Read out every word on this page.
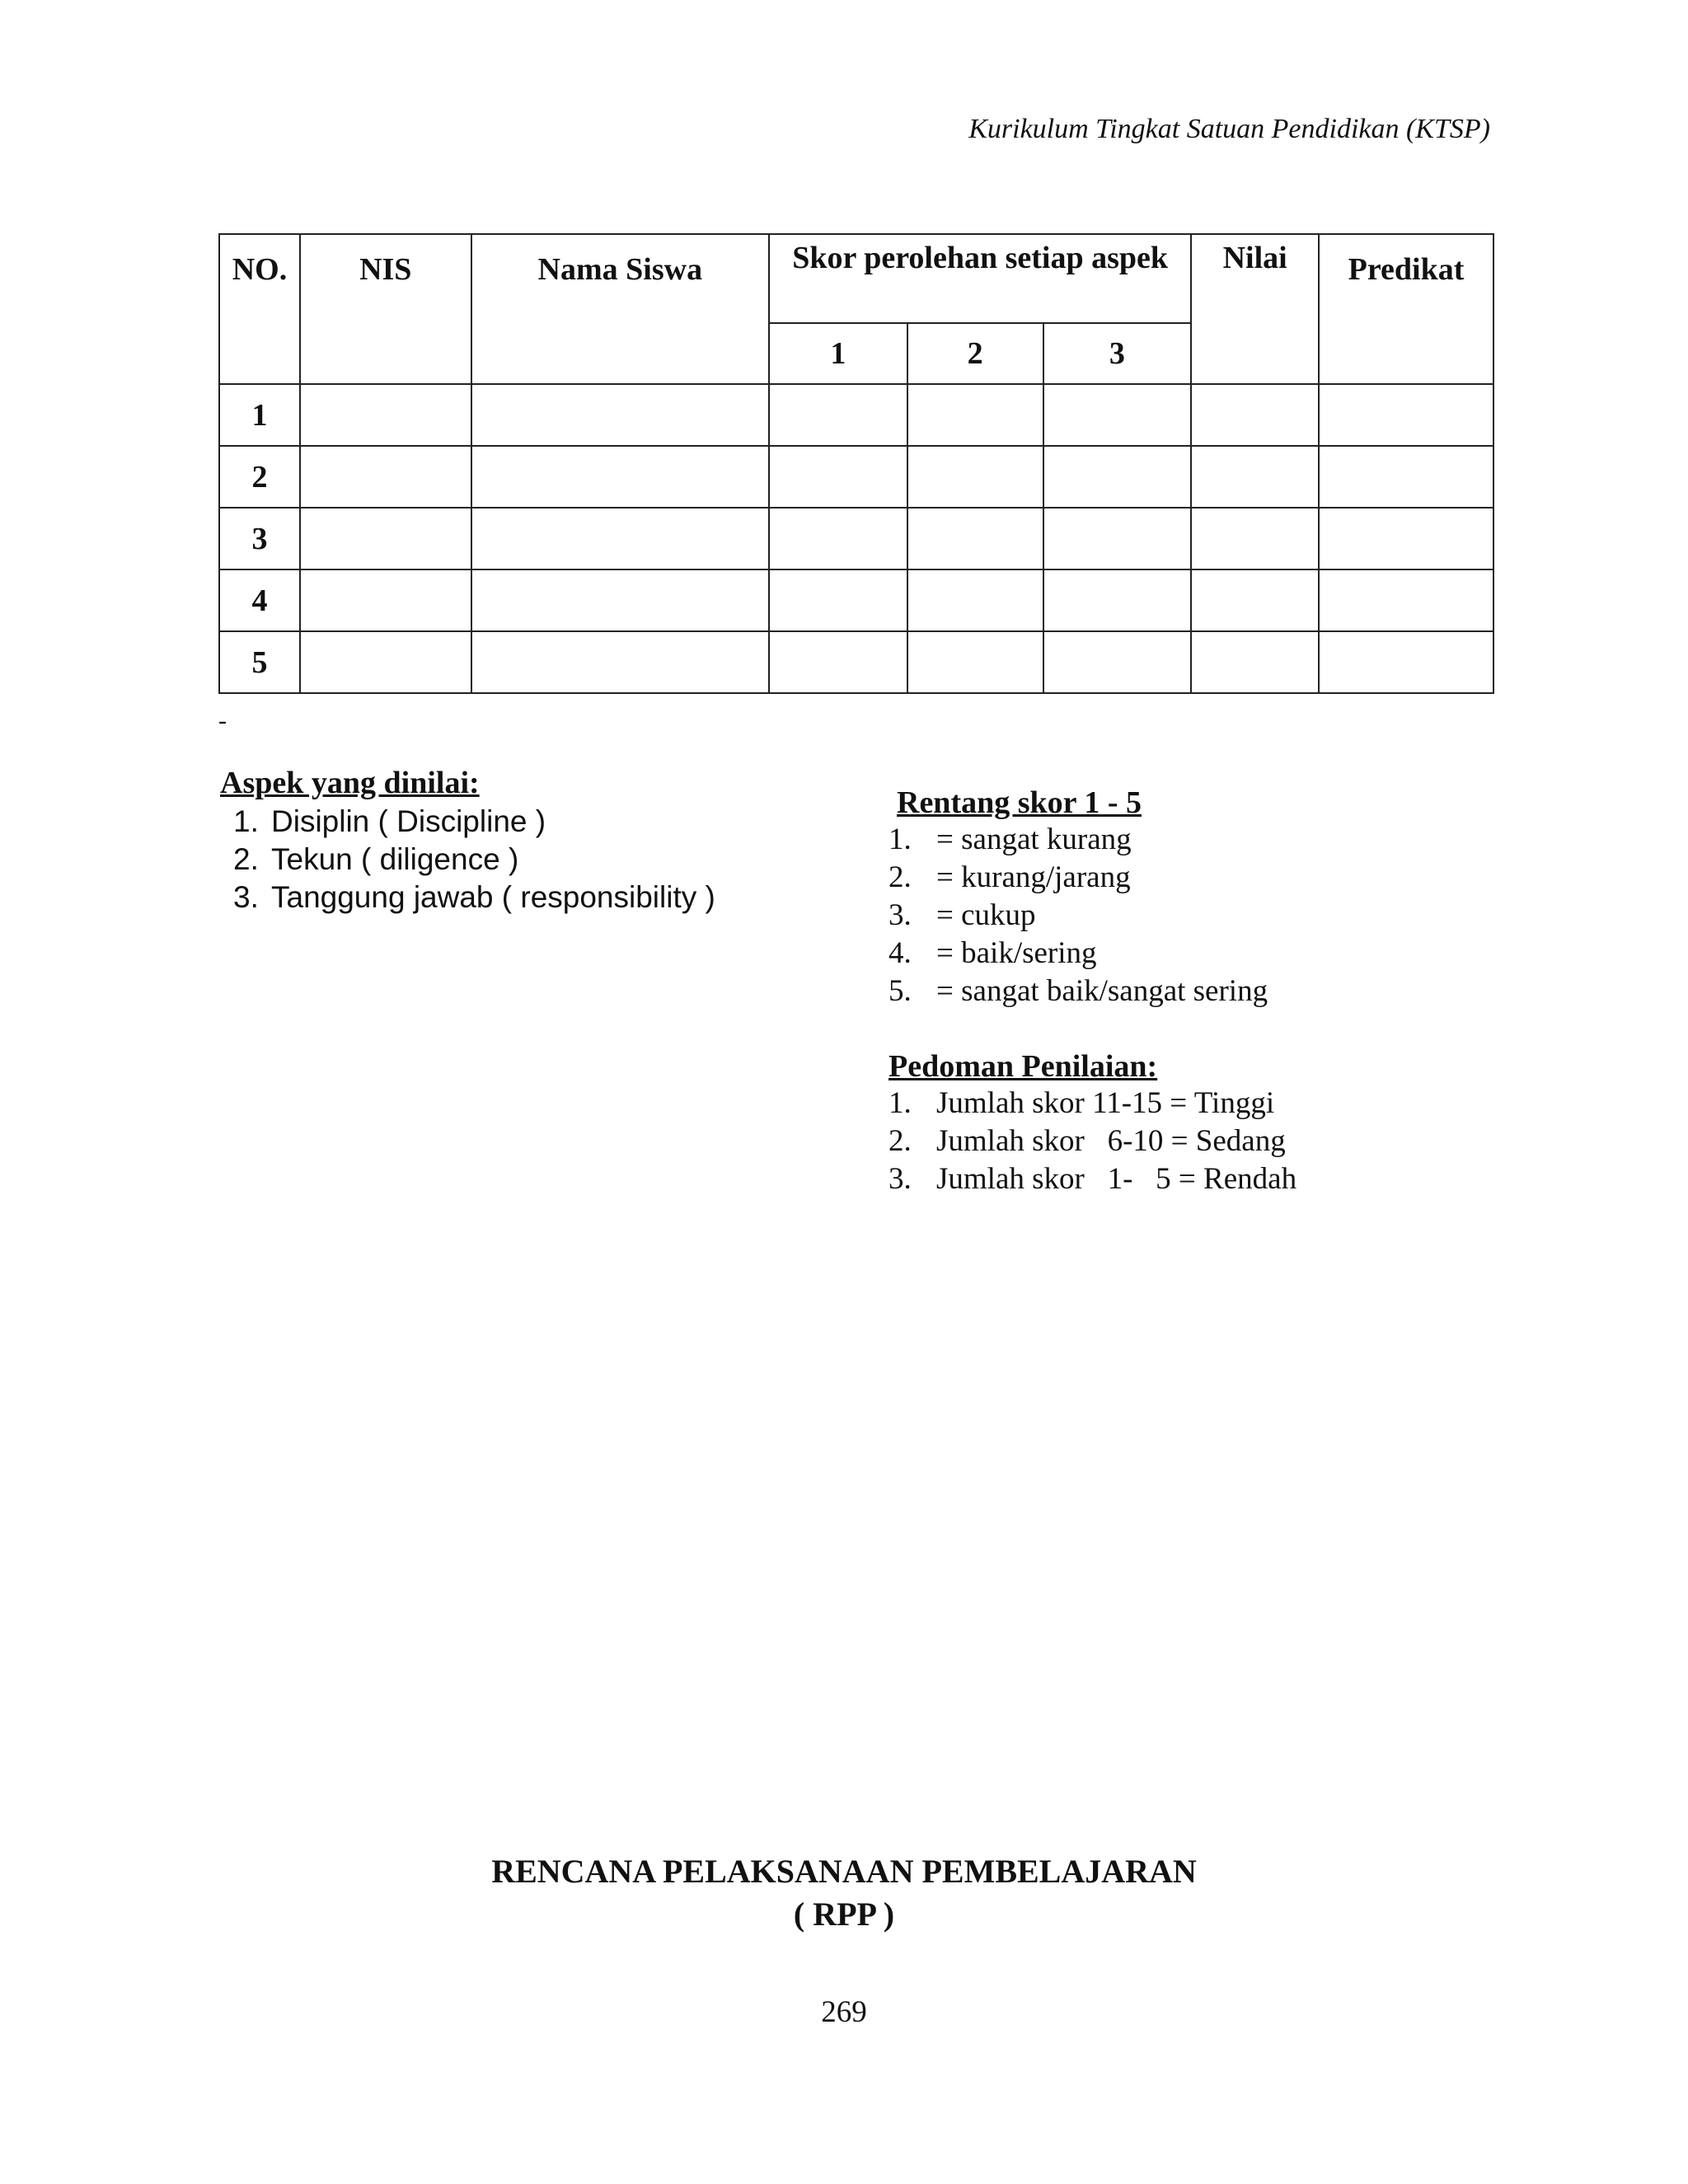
Kurikulum Tingkat Satuan Pendidikan (KTSP)
NO.	NIS	Nama Siswa	Skor perolehan setiap aspek			Nilai	Predikat
			1	2	3		
1							
2							
3							
4							
5							
-
Aspek yang dinilai:
1. Disiplin ( Discipline )
2. Tekun ( diligence )
3. Tanggung jawab ( responsibility )
Rentang skor 1 - 5
1. = sangat kurang
2. = kurang/jarang
3. = cukup
4. = baik/sering
5. = sangat baik/sangat sering
Pedoman Penilaian:
1. Jumlah skor 11-15 = Tinggi
2. Jumlah skor   6-10 = Sedang
3. Jumlah skor   1-   5 = Rendah
RENCANA PELAKSANAAN PEMBELAJARAN
( RPP )
269
